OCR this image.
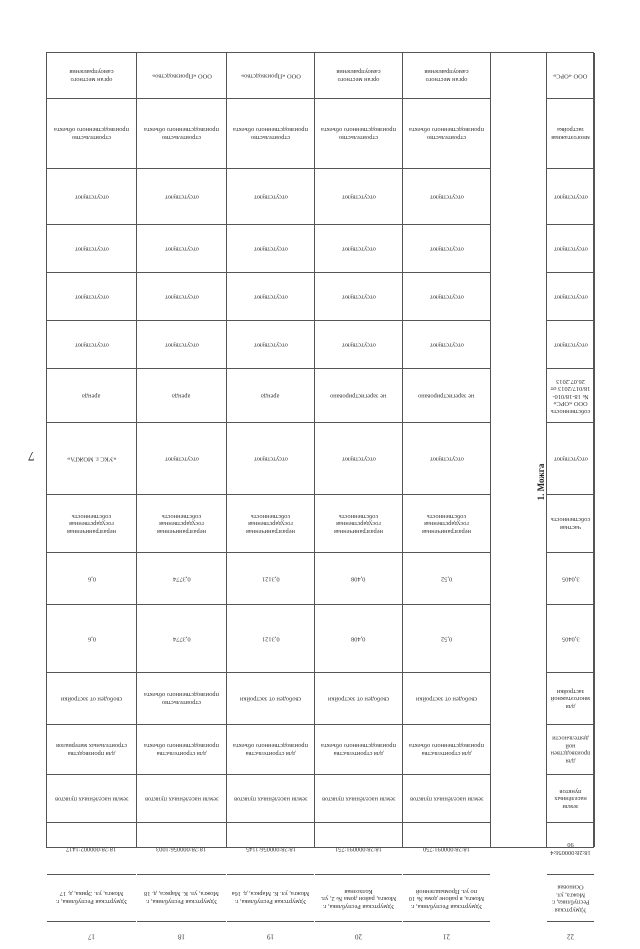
7
орган местного самоуправления
строительство производственного объекта
отсутствуют
отсутствуют
отсутствуют
отсутствуют
аренда
«УКС г. МОЖГА»
неразграниченная государственная собственность
0,6
0,6
свободен от застройки
для производства строительных материалов
земли населённых пунктов
18:28:000002:1417
Удмуртская Республика, г. Можга, ул. Эрика, д. 17
17
ООО «Производство»
строительство производственного объекта
отсутствуют
отсутствуют
отсутствуют
отсутствуют
аренда
отсутствуют
неразграниченная государственная собственность
0,3774
0,3774
строительство производственного объекта
для строительства производственного объекта
земли населённых пунктов
18:28:000056:1003
Удмуртская Республика, г. Можга, ул. К. Маркса, д. 18
18
ООО «Производство»
строительство производственного объекта
отсутствуют
отсутствуют
отсутствуют
отсутствуют
аренда
отсутствуют
неразграниченная государственная собственность
0,3121
0,3121
свободен от застройки
для строительства производственного объекта
земли населённых пунктов
18:28:000056:1145
Удмуртская Республика, г. Можга, ул. К. Маркса, д. 16а
19
орган местного самоуправления
строительство производственного объекта
отсутствуют
отсутствуют
отсутствуют
отсутствуют
не зарегистрировано
отсутствуют
неразграниченная государственная собственность
0,408
0,408
свободен от застройки
для строительства производственного объекта
земли населённых пунктов
18:28:000091:751
Удмуртская Республика, г. Можга, район дома № 2, ул. Колхозная
20
орган местного самоуправления
строительство производственного объекта
отсутствуют
отсутствуют
отсутствуют
отсутствуют
не зарегистрировано
отсутствуют
неразграниченная государственная собственность
0,52
0,52
свободен от застройки
для строительства производственного объекта
земли населённых пунктов
18:28:000091:750
Удмуртская Республика, г. Можга, в районе дома № 10 по ул. Промышленной
21
ООО «ОРС»
многоэтажная застройка
отсутствуют
отсутствуют
отсутствуют
отсутствуют
собственность ООО «ОРС» № 18-18/010-18/017/2013 от 26.07.2013
отсутствуют
частная собственность
3,0405
3,0405
для многоэтажной застройки
для производственной деятельности
земли населённых пунктов
18:28:000056:490
Удмуртская Республика, г. Можга, ул. Осиновая
22
1. Можга
